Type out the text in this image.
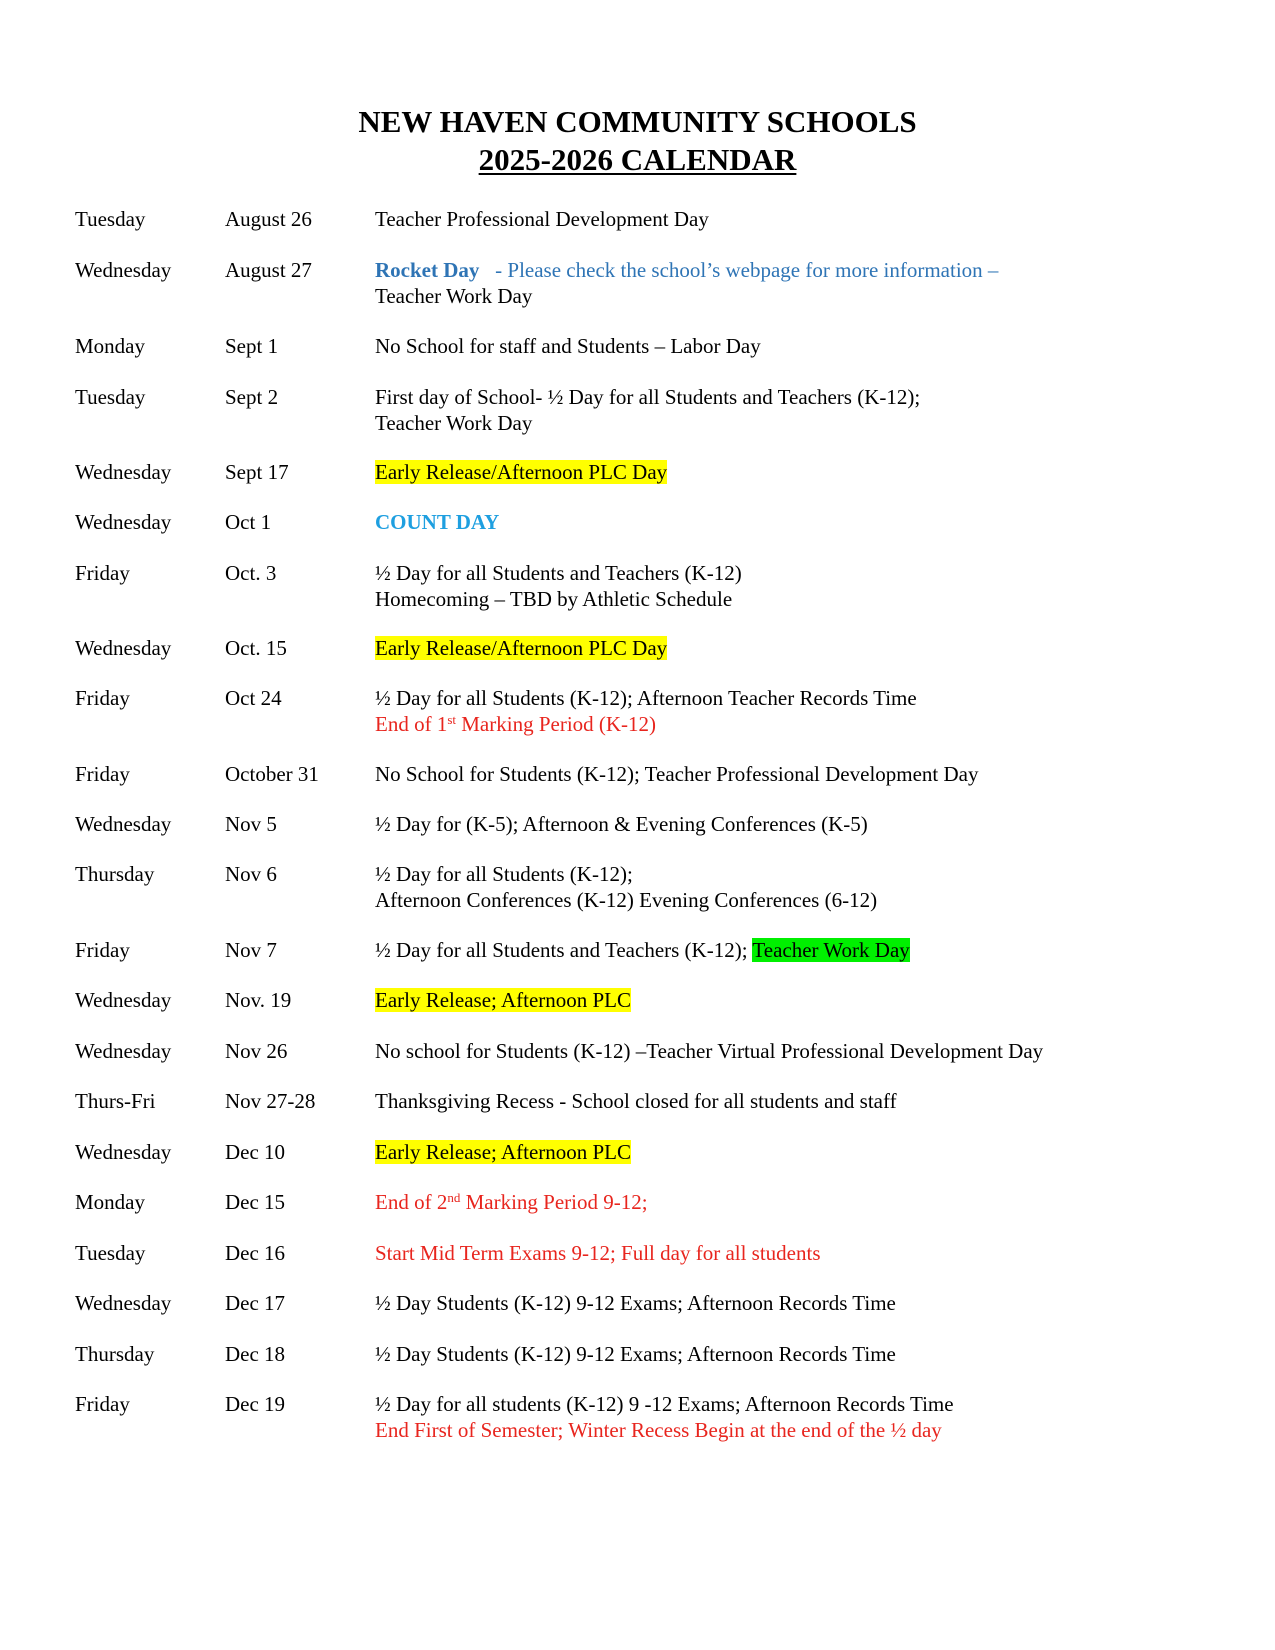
NEW HAVEN COMMUNITY SCHOOLS
2025-2026 CALENDAR
Tuesday	August 26	Teacher Professional Development Day
Wednesday	August 27	Rocket Day   - Please check the school’s webpage for more information –
Teacher Work Day
Monday	Sept 1	No School for staff and Students – Labor Day
Tuesday	Sept 2	First day of School- ½ Day for all Students and Teachers (K-12);
Teacher Work Day
Wednesday	Sept 17	Early Release/Afternoon PLC Day
Wednesday	Oct 1	COUNT DAY
Friday	Oct. 3	½ Day for all Students and Teachers (K-12)
Homecoming – TBD by Athletic Schedule
Wednesday	Oct. 15	Early Release/Afternoon PLC Day
Friday	Oct 24	½ Day for all Students (K-12); Afternoon Teacher Records Time
End of 1st Marking Period (K-12)
Friday	October 31	No School for Students (K-12); Teacher Professional Development Day
Wednesday	Nov 5	½ Day for (K-5); Afternoon & Evening Conferences (K-5)
Thursday	Nov 6	½ Day for all Students (K-12);
Afternoon Conferences (K-12) Evening Conferences (6-12)
Friday	Nov 7	½ Day for all Students and Teachers (K-12); Teacher Work Day
Wednesday	Nov. 19	Early Release; Afternoon PLC
Wednesday	Nov 26	No school for Students (K-12) –Teacher Virtual Professional Development Day
Thurs-Fri	Nov 27-28	Thanksgiving Recess - School closed for all students and staff
Wednesday	Dec 10	Early Release; Afternoon PLC
Monday	Dec 15	End of 2nd Marking Period 9-12;
Tuesday	Dec 16	Start Mid Term Exams 9-12; Full day for all students
Wednesday	Dec 17	½ Day Students (K-12) 9-12 Exams; Afternoon Records Time
Thursday	Dec 18	½ Day Students (K-12) 9-12 Exams; Afternoon Records Time
Friday	Dec 19	½ Day for all students (K-12) 9 -12 Exams; Afternoon Records Time
End First of Semester; Winter Recess Begin at the end of the ½ day
